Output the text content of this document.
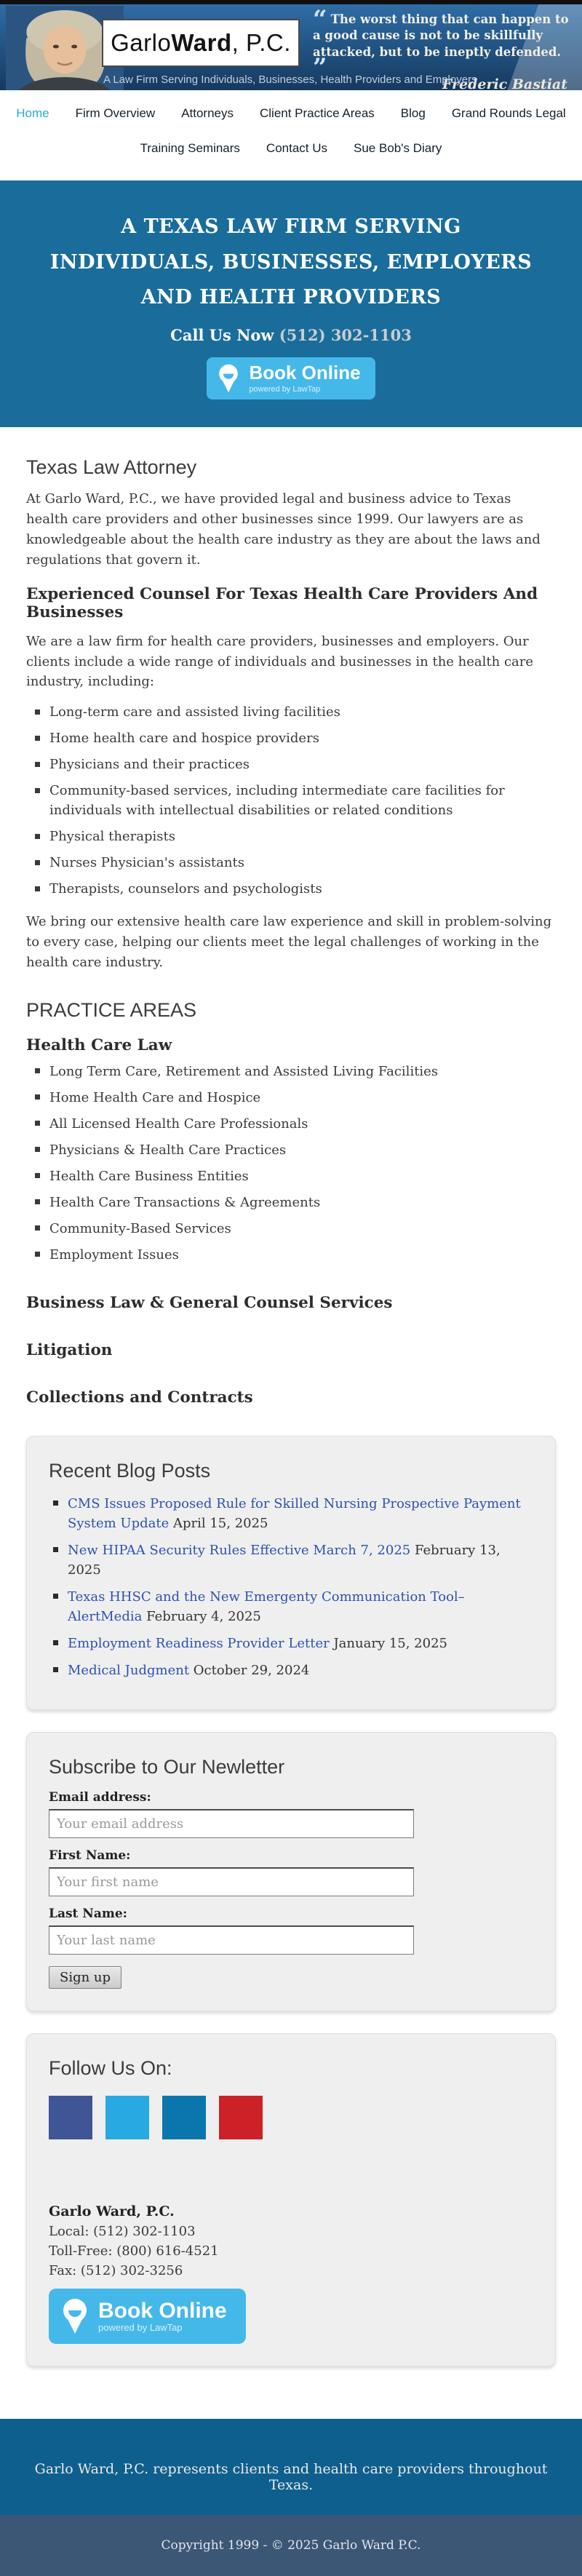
Garlo Ward , P.C.
“ The worst thing that can happen to a good cause is not to be skillfully attacked, but to be ineptly defended. ”
Frederic Bastiat
A Law Firm Serving Individuals, Businesses, Health Providers and Employers
Home Firm Overview Attorneys Client Practice Areas Blog Grand Rounds Legal
Training Seminars Contact Us Sue Bob's Diary
A TEXAS LAW FIRM SERVING INDIVIDUALS, BUSINESSES, EMPLOYERS AND HEALTH PROVIDERS
Call Us Now (512) 302-1103
Book Online
powered by LawTap
Texas Law Attorney

At Garlo Ward, P.C., we have provided legal and business advice to Texas health care providers and other businesses since 1999. Our lawyers are as knowledgeable about the health care industry as they are about the laws and regulations that govern it.

Experienced Counsel For Texas Health Care Providers And Businesses

We are a law firm for health care providers, businesses and employers. Our clients include a wide range of individuals and businesses in the health care industry, including:

Long-term care and assisted living facilities
Home health care and hospice providers
Physicians and their practices
Community-based services, including intermediate care facilities for individuals with intellectual disabilities or related conditions
Physical therapists
Nurses Physician's assistants
Therapists, counselors and psychologists

We bring our extensive health care law experience and skill in problem-solving to every case, helping our clients meet the legal challenges of working in the health care industry.

PRACTICE AREAS
Health Care Law
Long Term Care, Retirement and Assisted Living Facilities
Home Health Care and Hospice
All Licensed Health Care Professionals
Physicians & Health Care Practices
Health Care Business Entities
Health Care Transactions & Agreements
Community-Based Services
Employment Issues
Business Law & General Counsel Services
Litigation
Collections and Contracts
Recent Blog Posts
CMS Issues Proposed Rule for Skilled Nursing Prospective Payment System Update April 15, 2025
New HIPAA Security Rules Effective March 7, 2025 February 13, 2025
Texas HHSC and the New Emergenty Communication Tool–AlertMedia February 4, 2025
Employment Readiness Provider Letter January 15, 2025
Medical Judgment October 29, 2024
Subscribe to Our Newletter
Email address:
Your email address
First Name:
Your first name
Last Name:
Your last name
Sign up
Follow Us On:
Garlo Ward, P.C.
Local: (512) 302-1103
Toll-Free: (800) 616-4521
Fax: (512) 302-3256
Book Online
powered by LawTap
Garlo Ward, P.C. represents clients and health care providers throughout Texas.
Copyright 1999 - © 2025 Garlo Ward P.C.
